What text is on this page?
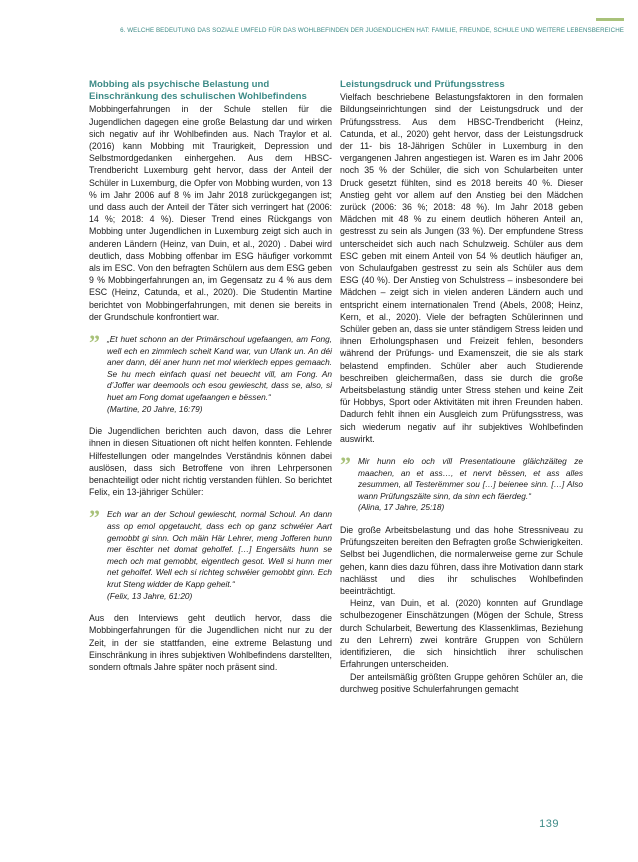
6. WELCHE BEDEUTUNG DAS SOZIALE UMFELD FÜR DAS WOHLBEFINDEN DER JUGENDLICHEN HAT: FAMILIE, FREUNDE, SCHULE UND WEITERE LEBENSBEREICHE
Mobbing als psychische Belastung und Einschränkung des schulischen Wohlbefindens

Mobbingerfahrungen in der Schule stellen für die Jugendlichen dagegen eine große Belastung dar und wirken sich negativ auf ihr Wohlbefinden aus. Nach Traylor et al. (2016) kann Mobbing mit Traurigkeit, Depression und Selbstmordgedanken einhergehen. Aus dem HBSC-Trendbericht Luxemburg geht hervor, dass der Anteil der Schüler in Luxemburg, die Opfer von Mobbing wurden, von 13 % im Jahr 2006 auf 8 % im Jahr 2018 zurückgegangen ist; und dass auch der Anteil der Täter sich verringert hat (2006: 14 %; 2018: 4 %). Dieser Trend eines Rückgangs von Mobbing unter Jugendlichen in Luxemburg zeigt sich auch in anderen Ländern (Heinz, van Duin, et al., 2020) . Dabei wird deutlich, dass Mobbing offenbar im ESG häufiger vorkommt als im ESC. Von den befragten Schülern aus dem ESG geben 9 % Mobbingerfahrungen an, im Gegensatz zu 4 % aus dem ESC (Heinz, Catunda, et al., 2020). Die Studentin Martine berichtet von Mobbingerfahrungen, mit denen sie bereits in der Grundschule konfrontiert war.

” „Et huet schonn an der Primärschoul ugefaangen, am Fong, well ech en zimmlech scheit Kand war, vun Ufank un. An déi aner dann, déi aner hunn net mol wierklech eppes gemaach. Se hu mech einfach quasi net beuecht vill, am Fong. An d’Joffer war deemools och esou gewiescht, dass se, also, si huet am Fong domat ugefaangen e bëssen.“
(Martine, 20 Jahre, 16:79)

Die Jugendlichen berichten auch davon, dass die Lehrer ihnen in diesen Situationen oft nicht helfen konnten. Fehlende Hilfestellungen oder mangelndes Verständnis können dabei auslösen, dass sich Betroffene von ihren Lehrpersonen benachteiligt oder nicht richtig verstanden fühlen. So berichtet Felix, ein 13-jähriger Schüler:

” Ech war an der Schoul gewiescht, normal Schoul. An dann ass op emol opgetaucht, dass ech op ganz schwéier Aart gemobbt gi sinn. Och mäin Här Lehrer, meng Jofferen hunn mer ëschter net domat geholfef. […] Engersäits hunn se mech och mat gemobbt, eigentlech gesot. Well si hunn mer net geholfef. Well ech si richteg schwéier gemobbt ginn. Ech krut Steng widder de Kapp geheit.“
(Felix, 13 Jahre, 61:20)

Aus den Interviews geht deutlich hervor, dass die Mobbingerfahrungen für die Jugendlichen nicht nur zu der Zeit, in der sie stattfanden, eine extreme Belastung und Einschränkung in ihres subjektiven Wohlbefindens darstellten, sondern oftmals Jahre später noch präsent sind.

Leistungsdruck und Prüfungsstress

Vielfach beschriebene Belastungsfaktoren in den formalen Bildungseinrichtungen sind der Leistungsdruck und der Prüfungsstress. Aus dem HBSC-Trendbericht (Heinz, Catunda, et al., 2020) geht hervor, dass der Leistungsdruck der 11- bis 18-Jährigen Schüler in Luxemburg in den vergangenen Jahren angestiegen ist. Waren es im Jahr 2006 noch 35 % der Schüler, die sich von Schularbeiten unter Druck gesetzt fühlten, sind es 2018 bereits 40 %. Dieser Anstieg geht vor allem auf den Anstieg bei den Mädchen zurück (2006: 36 %; 2018: 48 %). Im Jahr 2018 geben Mädchen mit 48 % zu einem deutlich höheren Anteil an, gestresst zu sein als Jungen (33 %). Der empfundene Stress unterscheidet sich auch nach Schulzweig. Schüler aus dem ESC geben mit einem Anteil von 54 % deutlich häufiger an, von Schulaufgaben gestresst zu sein als Schüler aus dem ESG (40 %). Der Anstieg von Schulstress – insbesondere bei Mädchen – zeigt sich in vielen anderen Ländern auch und entspricht einem internationalen Trend (Abels, 2008; Heinz, Kern, et al., 2020). Viele der befragten Schülerinnen und Schüler geben an, dass sie unter ständigem Stress leiden und ihnen Erholungsphasen und Freizeit fehlen, besonders während der Prüfungs- und Examenszeit, die sie als stark belastend empfinden. Schüler aber auch Studierende beschreiben gleichermaßen, dass sie durch die große Arbeitsbelastung ständig unter Stress stehen und keine Zeit für Hobbys, Sport oder Aktivitäten mit ihren Freunden haben. Dadurch fehlt ihnen ein Ausgleich zum Prüfungsstress, was sich wiederum negativ auf ihr subjektives Wohlbefinden auswirkt.

” Mir hunn elo och vill Presentatioune gläichzäiteg ze maachen, an et ass…, et nervt bëssen, et ass alles zesummen, all Testerëmmer sou […] beienee sinn. […] Also wann Prüfungszäite sinn, da sinn ech fäerdeg.“
(Alina, 17 Jahre, 25:18)

Die große Arbeitsbelastung und das hohe Stressniveau zu Prüfungszeiten bereiten den Befragten große Schwierigkeiten. Selbst bei Jugendlichen, die normalerweise gerne zur Schule gehen, kann dies dazu führen, dass ihre Motivation dann stark nachlässt und dies ihr schulisches Wohlbefinden beeinträchtigt.

Heinz, van Duin, et al. (2020) konnten auf Grundlage schulbezogener Einschätzungen (Mögen der Schule, Stress durch Schularbeit, Bewertung des Klassenklimas, Beziehung zu den Lehrern) zwei konträre Gruppen von Schülern identifizieren, die sich hinsichtlich ihrer schulischen Erfahrungen unterscheiden.

Der anteilsmäßig größten Gruppe gehören Schüler an, die durchweg positive Schulerfahrungen gemacht

139
